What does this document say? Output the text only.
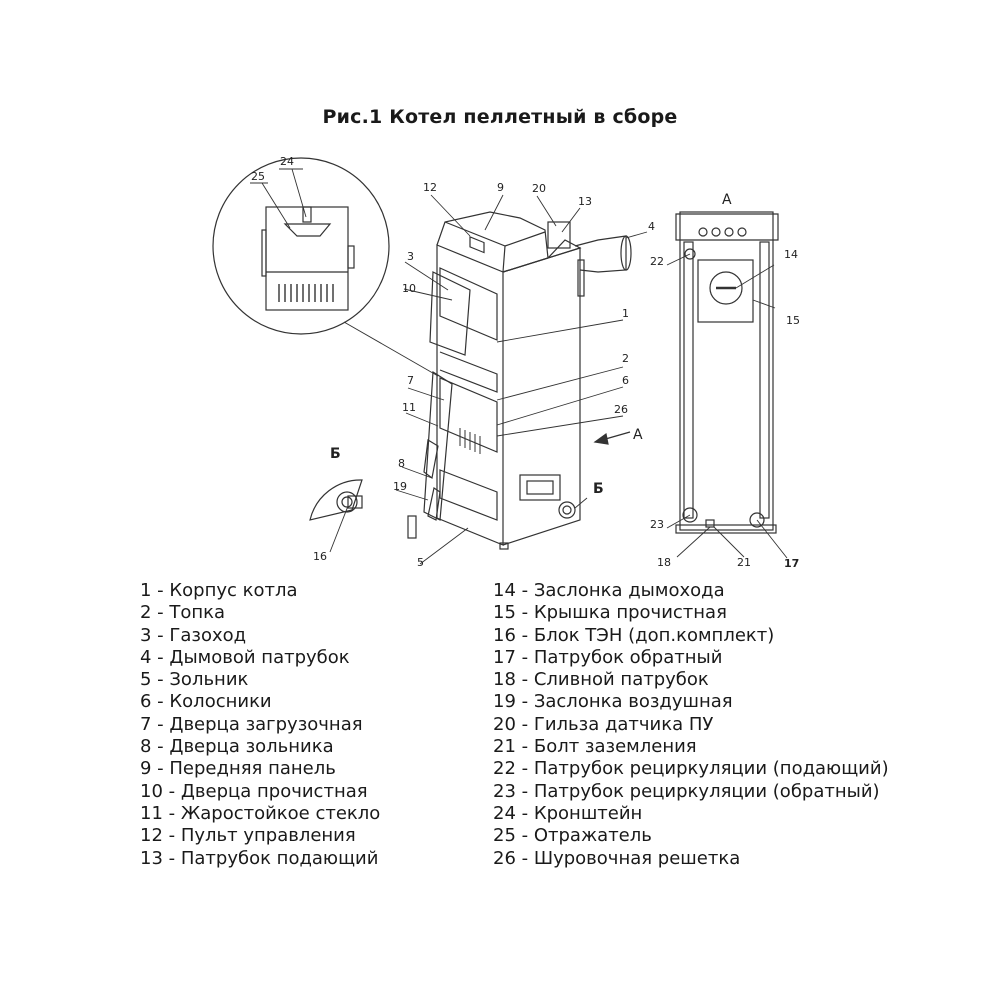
Рис.1 Котел пеллетный в сборе
24
25
12	9	20
13
4
3
10
1
2
6
26
7
11
8
19
5
16
22
14
15
23
18	21	17
А
А
Б
Б
1 - Корпус котла
2 - Топка
3 - Газоход
4 - Дымовой патрубок
5 - Зольник
6 - Колосники
7 - Дверца загрузочная
8 - Дверца зольника
9 - Передняя панель
10 - Дверца прочистная
11 - Жаростойкое стекло
12 - Пульт управления
13 - Патрубок подающий
14 - Заслонка дымохода
15 - Крышка прочистная
16 - Блок ТЭН (доп.комплект)
17 - Патрубок обратный
18 - Сливной патрубок
19 - Заслонка воздушная
20 - Гильза датчика ПУ
21 - Болт заземления
22 - Патрубок рециркуляции (подающий)
23 - Патрубок рециркуляции (обратный)
24 - Кронштейн
25 - Отражатель
26 - Шуровочная решетка
